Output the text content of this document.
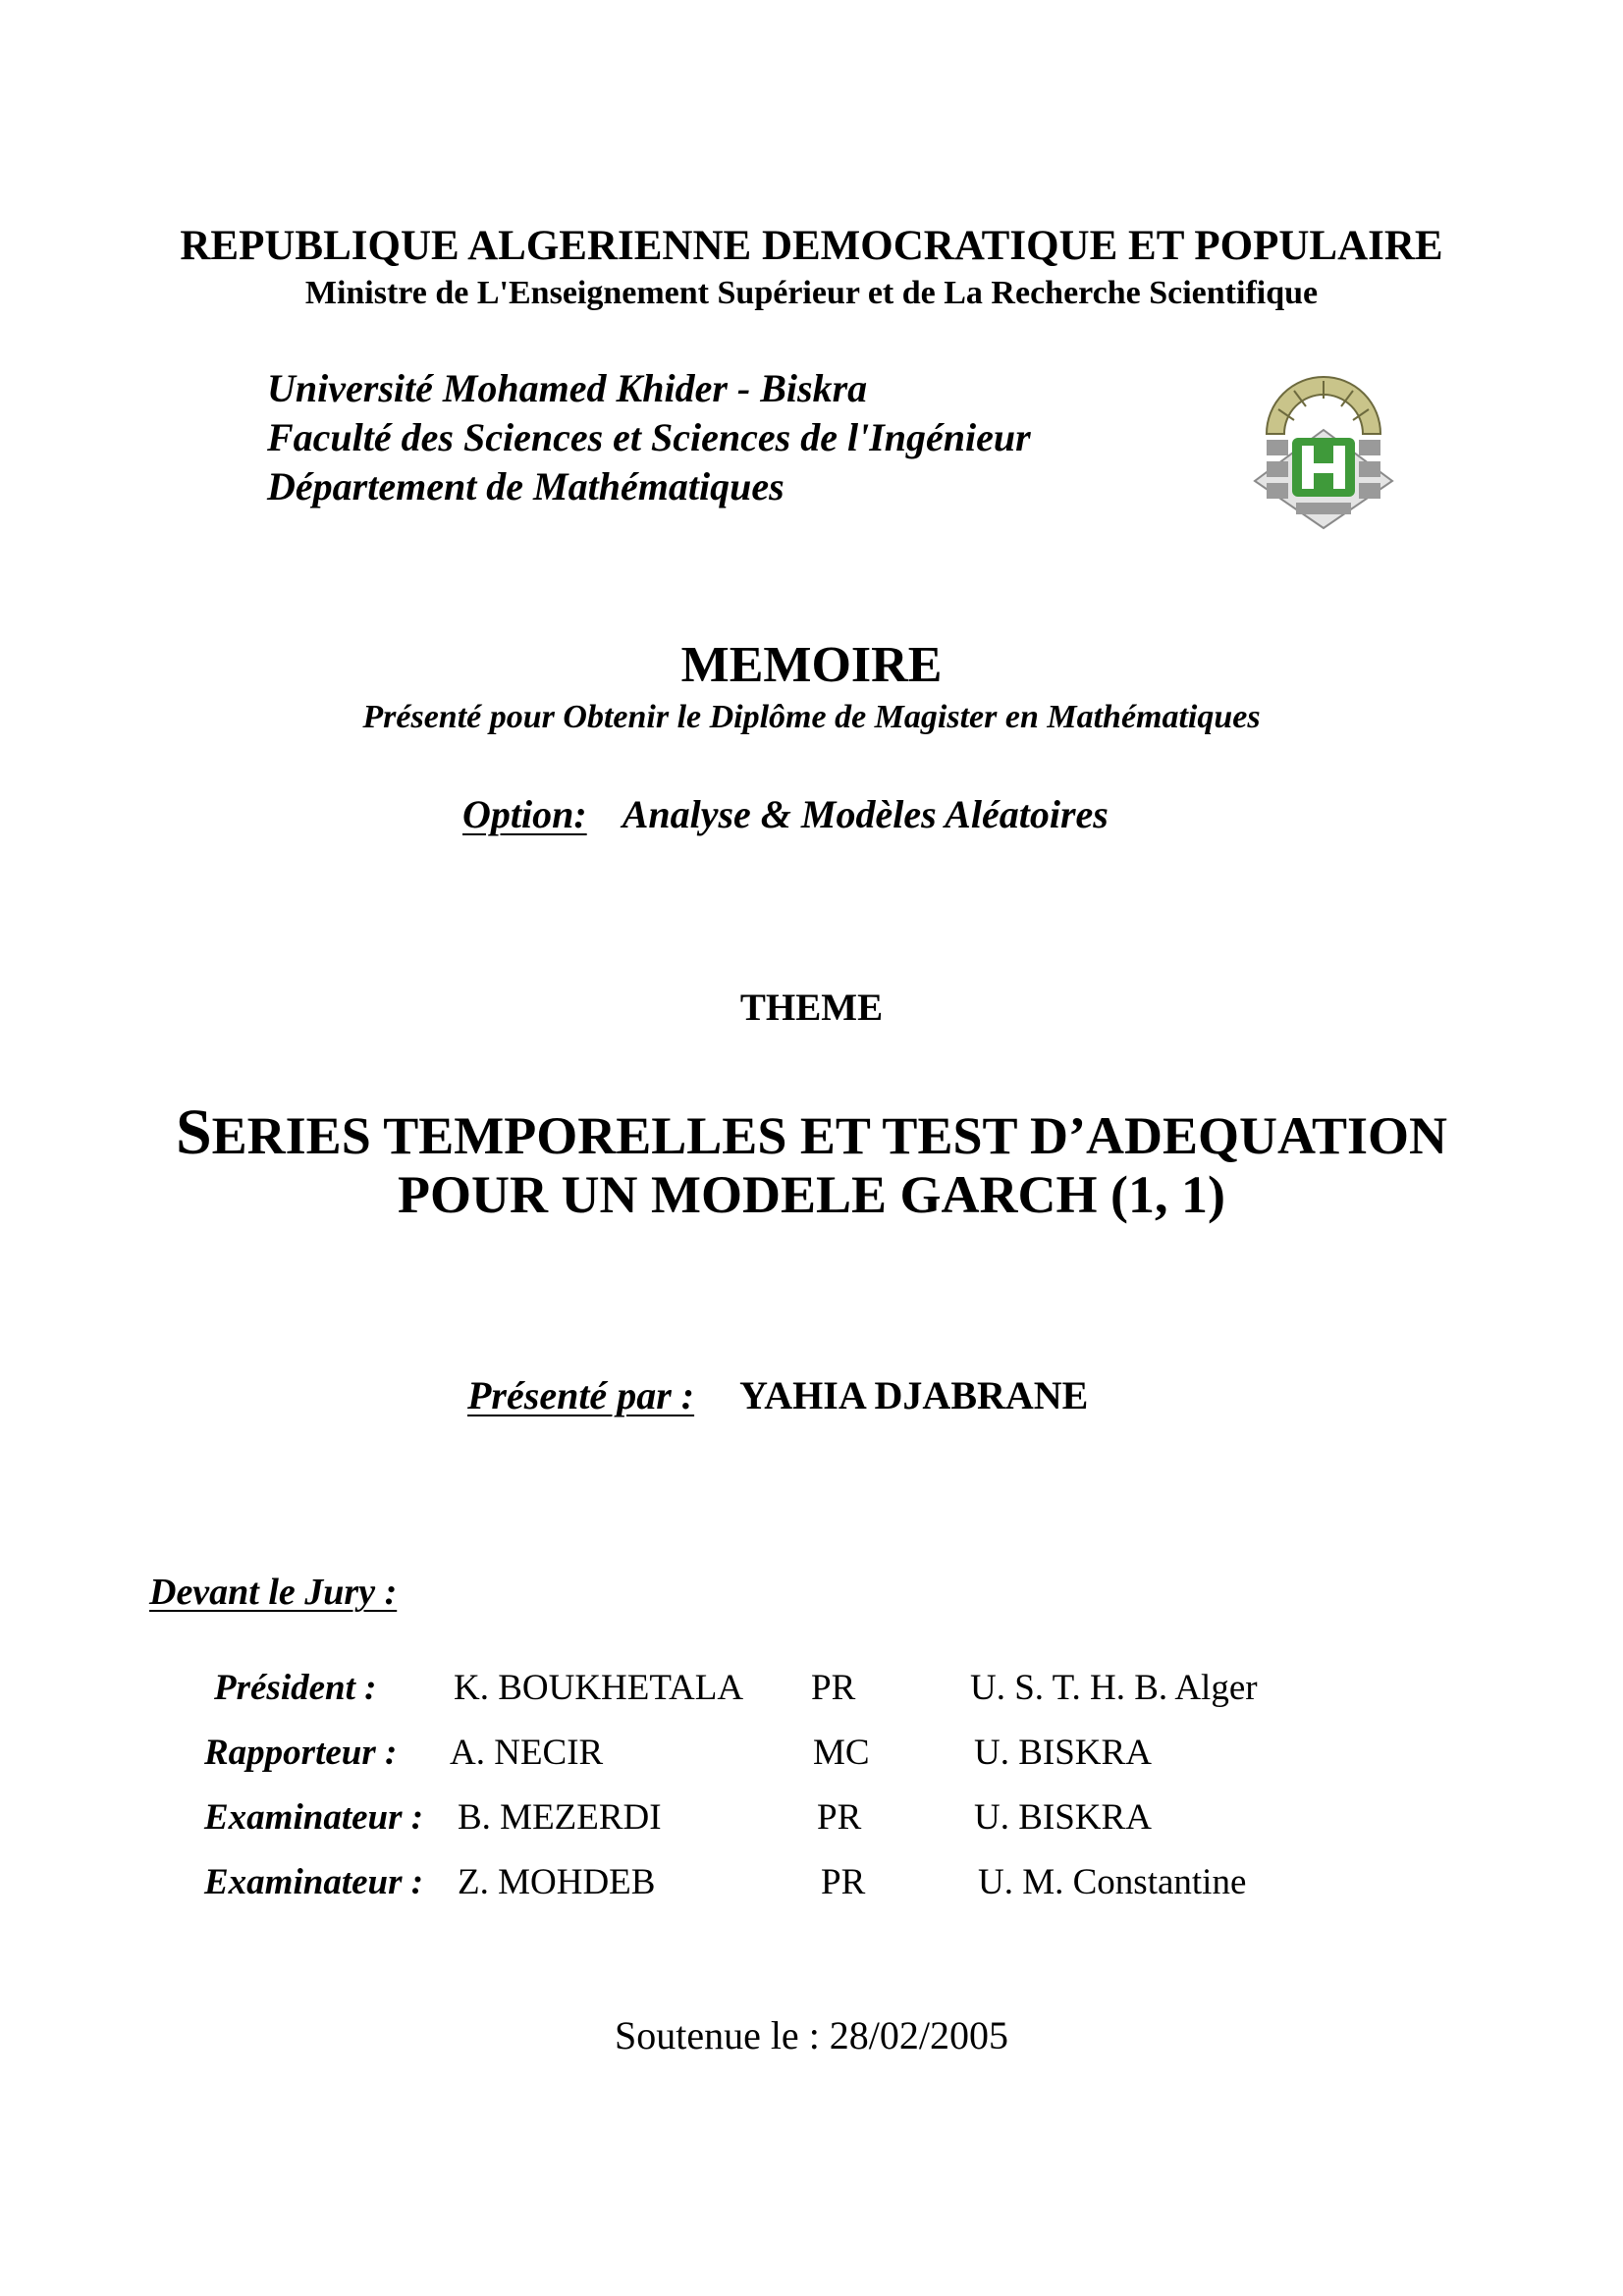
REPUBLIQUE ALGERIENNE DEMOCRATIQUE ET POPULAIRE
Ministre de L'Enseignement Supérieur et de La Recherche Scientifique
Université Mohamed Khider - Biskra
Faculté des Sciences et Sciences de l'Ingénieur
Département de Mathématiques
MEMOIRE
Présenté pour Obtenir le Diplôme de Magister en Mathématiques
Option: Analyse & Modèles Aléatoires
THEME
SERIES TEMPORELLES ET TEST D’ADEQUATION
POUR UN MODELE GARCH (1, 1)
Présenté par : YAHIA DJABRANE
Devant le Jury :
Président : K. BOUKHETALA PR	U. S. T. H. B. Alger
Rapporteur : A. NECIR	MC	U. BISKRA
Examinateur : B. MEZERDI	PR	U. BISKRA
Examinateur : Z. MOHDEB	PR	U. M. Constantine
Soutenue le : 28/02/2005
